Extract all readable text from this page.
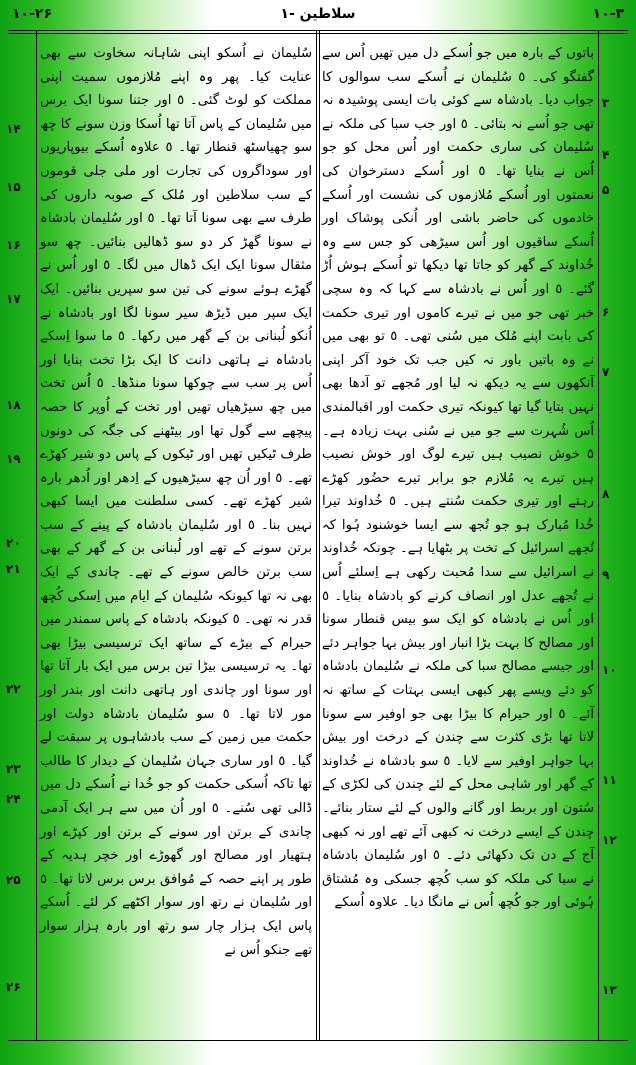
۱۰-۲۶	۱- سلاطین	۱۰-۳

باتوں کے بارہ میں جو اُسکے دل میں تھیں اُس سے گفتگو کی۔ ٥ سُلیمان نے اُسکے سب سوالوں کا جواب دیا۔ بادشاہ سے کوئی بات ایسی پوشیدہ نہ تھی جو اُسے نہ بتائی۔ ٥ اور جب سبا کی ملکہ نے سُلیمان کی ساری حکمت اور اُس محل کو جو اُس نے بنایا تھا۔ ٥ اور اُسکے دسترخوان کی نعمتوں اور اُسکے مُلازموں کی نشست اور اُسکے خادموں کی حاضر باشی اور اُنکی پوشاک اور اُسکے ساقیوں اور اُس سیڑھی کو جس سے وہ خُداوند کے گھر کو جاتا تھا دیکھا تو اُسکے ہوش اُڑ گئے۔ ٥ اور اُس نے بادشاہ سے کہا کہ وہ سچی خبر تھی جو میں نے تیرے کاموں اور تیری حکمت کی بابت اپنے مُلک میں سُنی تھی۔ ٥ تو بھی میں نے وہ باتیں باور نہ کیں جب تک خود آکر اپنی آنکھوں سے یہ دیکھ نہ لیا اور مُجھے تو آدھا بھی نہیں بتایا گیا تھا کیونکہ تیری حکمت اور اقبالمندی اُس شُہرت سے جو میں نے سُنی بہت زیادہ ہے۔ ٥ خوش نصیب ہیں تیرے لوگ اور خوش نصیب ہیں تیرے یہ مُلازم جو برابر تیرے حضُور کھڑے رہتے اور تیری حکمت سُنتے ہیں۔ ٥ خُداوند تیرا خُدا مُبارک ہو جو تُجھ سے ایسا خوشنود ہُوا کہ تُجھے اسرائیل کے تخت پر بٹھایا ہے۔ چونکہ خُداوند نے اسرائیل سے سدا مُحبت رکھی ہے اِسلئے اُس نے تُجھے عدل اور انصاف کرنے کو بادشاہ بنایا۔ ٥ اور اُس نے بادشاہ کو ایک سو بیس قنطار سونا اور مصالح کا بہت بڑا انبار اور بیش بہا جواہر دئے اور جیسے مصالح سبا کی ملکہ نے سُلیمان بادشاہ کو دئے ویسے پھر کبھی ایسی بہتات کے ساتھ نہ آئے۔ ٥ اور حیرام کا بیڑا بھی جو اوفیر سے سونا لاتا تھا بڑی کثرت سے چندن کے درخت اور بیش بہا جواہر اوفیر سے لایا۔ ٥ سو بادشاہ نے خُداوند کے گھر اور شاہی محل کے لئے چندن کی لکڑی کے سُتون اور بربط اور گانے والوں کے لئے ستار بنائے۔ چندن کے ایسے درخت نہ کبھی آئے تھے اور نہ کبھی آج کے دن تک دکھائی دئے۔ ٥ اور سُلیمان بادشاہ نے سبا کی ملکہ کو سب کُچھ جسکی وہ مُشتاق ہُوئی اور جو کُچھ اُس نے مانگا دیا۔ علاوہ اُسکے

سُلیمان نے اُسکو اپنی شاہانہ سخاوت سے بھی عنایت کیا۔ پھر وہ اپنے مُلازموں سمیت اپنی مملکت کو لوٹ گئی۔ ٥ اور جتنا سونا ایک برس میں سُلیمان کے پاس آتا تھا اُسکا وزن سونے کا چھ سو چھیاسٹھ قنطار تھا۔ ٥ علاوہ اُسکے بیوپاریوں اور سوداگروں کی تجارت اور ملی جلی قوموں کے سب سلاطین اور مُلک کے صوبہ داروں کی طرف سے بھی سونا آتا تھا۔ ٥ اور سُلیمان بادشاہ نے سونا گھڑ کر دو سو ڈھالیں بنائیں۔ چھ سو مثقال سونا ایک ایک ڈھال میں لگا۔ ٥ اور اُس نے گھڑے ہوئے سونے کی تین سو سپریں بنائیں۔ ایک ایک سپر میں ڈیڑھ سیر سونا لگا اور بادشاہ نے اُنکو لُبنانی بن کے گھر میں رکھا۔ ٥ ما سوا اِسکے بادشاہ نے ہاتھی دانت کا ایک بڑا تخت بنایا اور اُس پر سب سے چوکھا سونا منڈھا۔ ٥ اُس تخت میں چھ سیڑھیاں تھیں اور تخت کے اُوپر کا حصہ پیچھے سے گول تھا اور بیٹھنے کی جگہ کی دونوں طرف ٹیکیں تھیں اور ٹیکوں کے پاس دو شیر کھڑے تھے۔ ٥ اور اُن چھ سیڑھیوں کے اِدھر اور اُدھر بارہ شیر کھڑے تھے۔ کسی سلطنت میں ایسا کبھی نہیں بنا۔ ٥ اور سُلیمان بادشاہ کے پینے کے سب برتن سونے کے تھے اور لُبنانی بن کے گھر کے بھی سب برتن خالص سونے کے تھے۔ چاندی کے ایک بھی نہ تھا کیونکہ سُلیمان کے ایام میں اِسکی کُچھ قدر نہ تھی۔ ٥ کیونکہ بادشاہ کے پاس سمندر میں حیرام کے بیڑے کے ساتھ ایک ترسیسی بیڑا بھی تھا۔ یہ ترسیسی بیڑا تین برس میں ایک بار آتا تھا اور سونا اور چاندی اور ہاتھی دانت اور بندر اور مور لاتا تھا۔ ٥ سو سُلیمان بادشاہ دولت اور حکمت میں زمین کے سب بادشاہوں پر سبقت لے گیا۔ ٥ اور ساری جہان سُلیمان کے دیدار کا طالب تھا تاکہ اُسکی حکمت کو جو خُدا نے اُسکے دل میں ڈالی تھی سُنے۔ ٥ اور اُن میں سے ہر ایک آدمی چاندی کے برتن اور سونے کے برتن اور کپڑے اور ہتھیار اور مصالح اور گھوڑے اور خچر ہدیہ کے طور پر اپنے حصہ کے مُوافق برس برس لاتا تھا۔ ٥ اور سُلیمان نے رتھ اور سوار اکٹھے کر لئے۔ اُسکے پاس ایک ہزار چار سو رتھ اور بارہ ہزار سوار تھے جنکو اُس نے

۳
۴
۵
۶
۷
۸
۹
۱۰
۱۱
۱۲
۱۳
۱۴
۱۵
۱۶
۱۷
۱۸
۱۹
۲۰
۲۱
۲۲
۲۳
۲۴
۲۵
۲۶
